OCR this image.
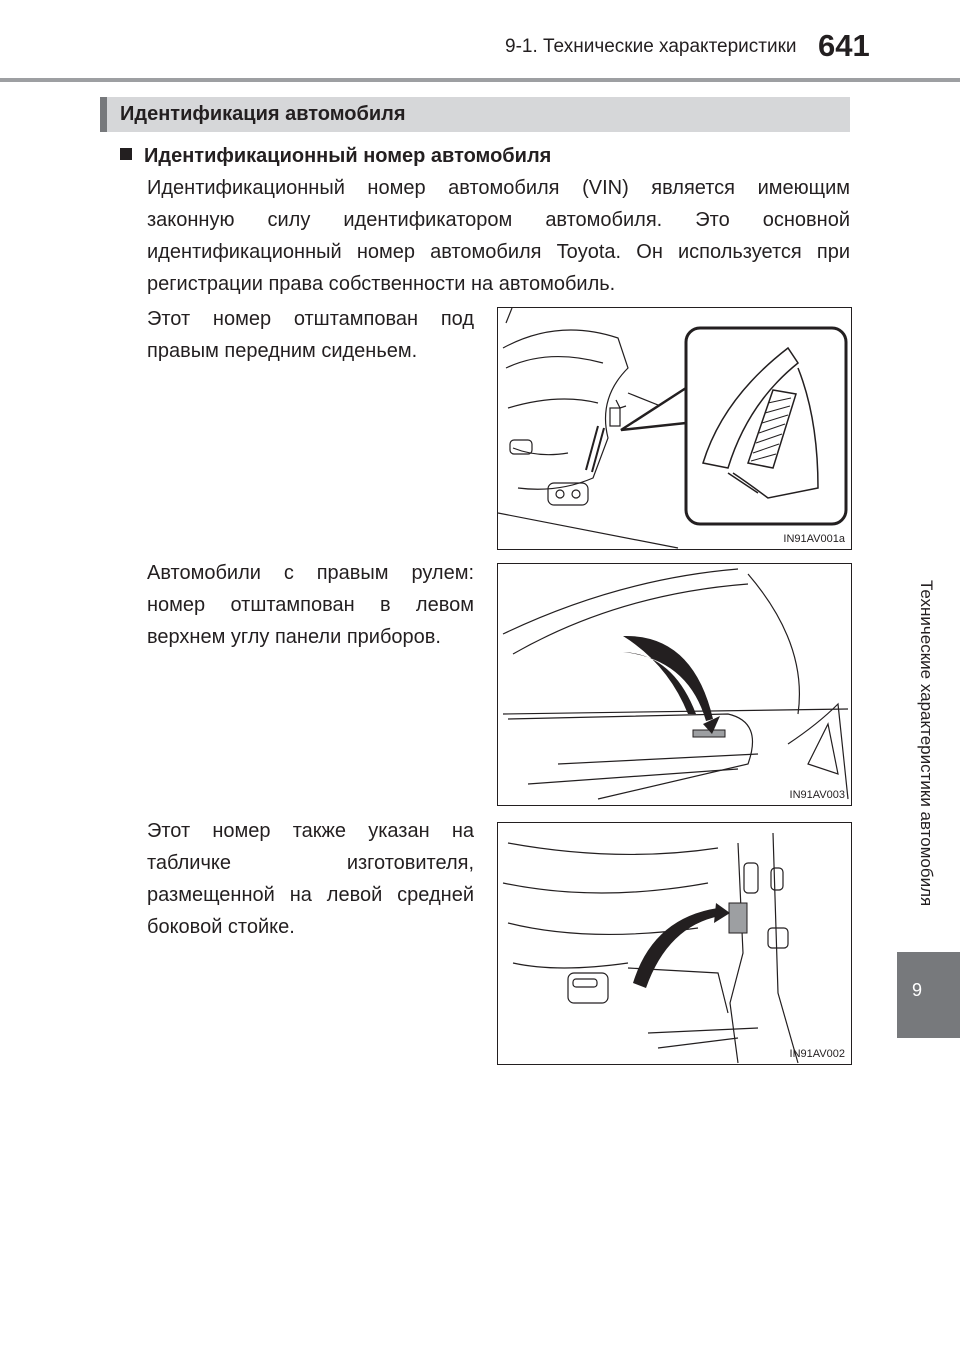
9-1. Технические характеристики 641
Идентификация автомобиля
Идентификационный номер автомобиля

Идентификационный номер автомобиля (VIN) является имеющим законную силу идентификатором автомобиля. Это основной идентификационный номер автомобиля Toyota. Он используется при регистрации права собственности на автомобиль.

Этот номер отштампован под правым передним сиденьем.

IN91AV001a

Автомобили с правым рулем: номер отштампован в левом верхнем углу панели приборов.

IN91AV003

Этот номер также указан на табличке изготовителя, размещенной на левой средней боковой стойке.

IN91AV002
Технические характеристики автомобиля
9
